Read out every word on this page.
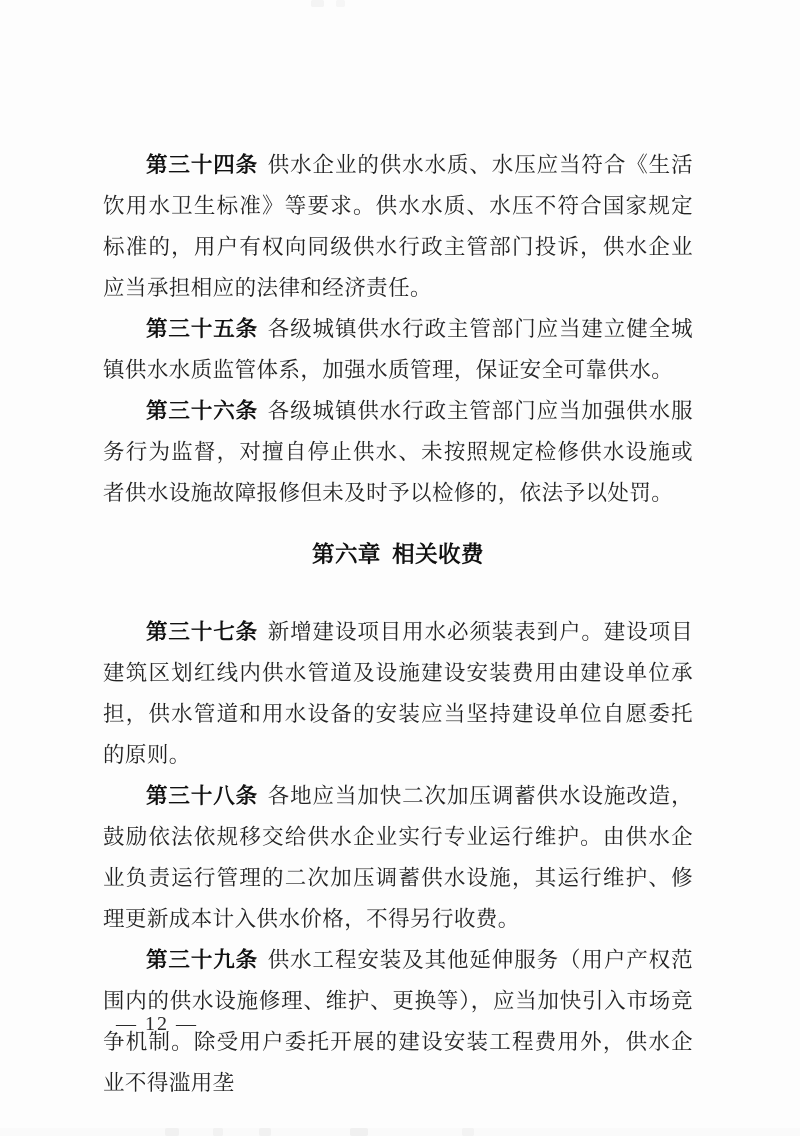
第三十四条 供水企业的供水水质、水压应当符合《生活饮用水卫生标准》等要求。供水水质、水压不符合国家规定标准的，用户有权向同级供水行政主管部门投诉，供水企业应当承担相应的法律和经济责任。

第三十五条 各级城镇供水行政主管部门应当建立健全城镇供水水质监管体系，加强水质管理，保证安全可靠供水。

第三十六条 各级城镇供水行政主管部门应当加强供水服务行为监督，对擅自停止供水、未按照规定检修供水设施或者供水设施故障报修但未及时予以检修的，依法予以处罚。

第六章 相关收费

第三十七条 新增建设项目用水必须装表到户。建设项目建筑区划红线内供水管道及设施建设安装费用由建设单位承担，供水管道和用水设备的安装应当坚持建设单位自愿委托的原则。

第三十八条 各地应当加快二次加压调蓄供水设施改造，鼓励依法依规移交给供水企业实行专业运行维护。由供水企业负责运行管理的二次加压调蓄供水设施，其运行维护、修理更新成本计入供水价格，不得另行收费。

第三十九条 供水工程安装及其他延伸服务（用户产权范围内的供水设施修理、维护、更换等），应当加快引入市场竞争机制。除受用户委托开展的建设安装工程费用外，供水企业不得滥用垄

— 12 —
